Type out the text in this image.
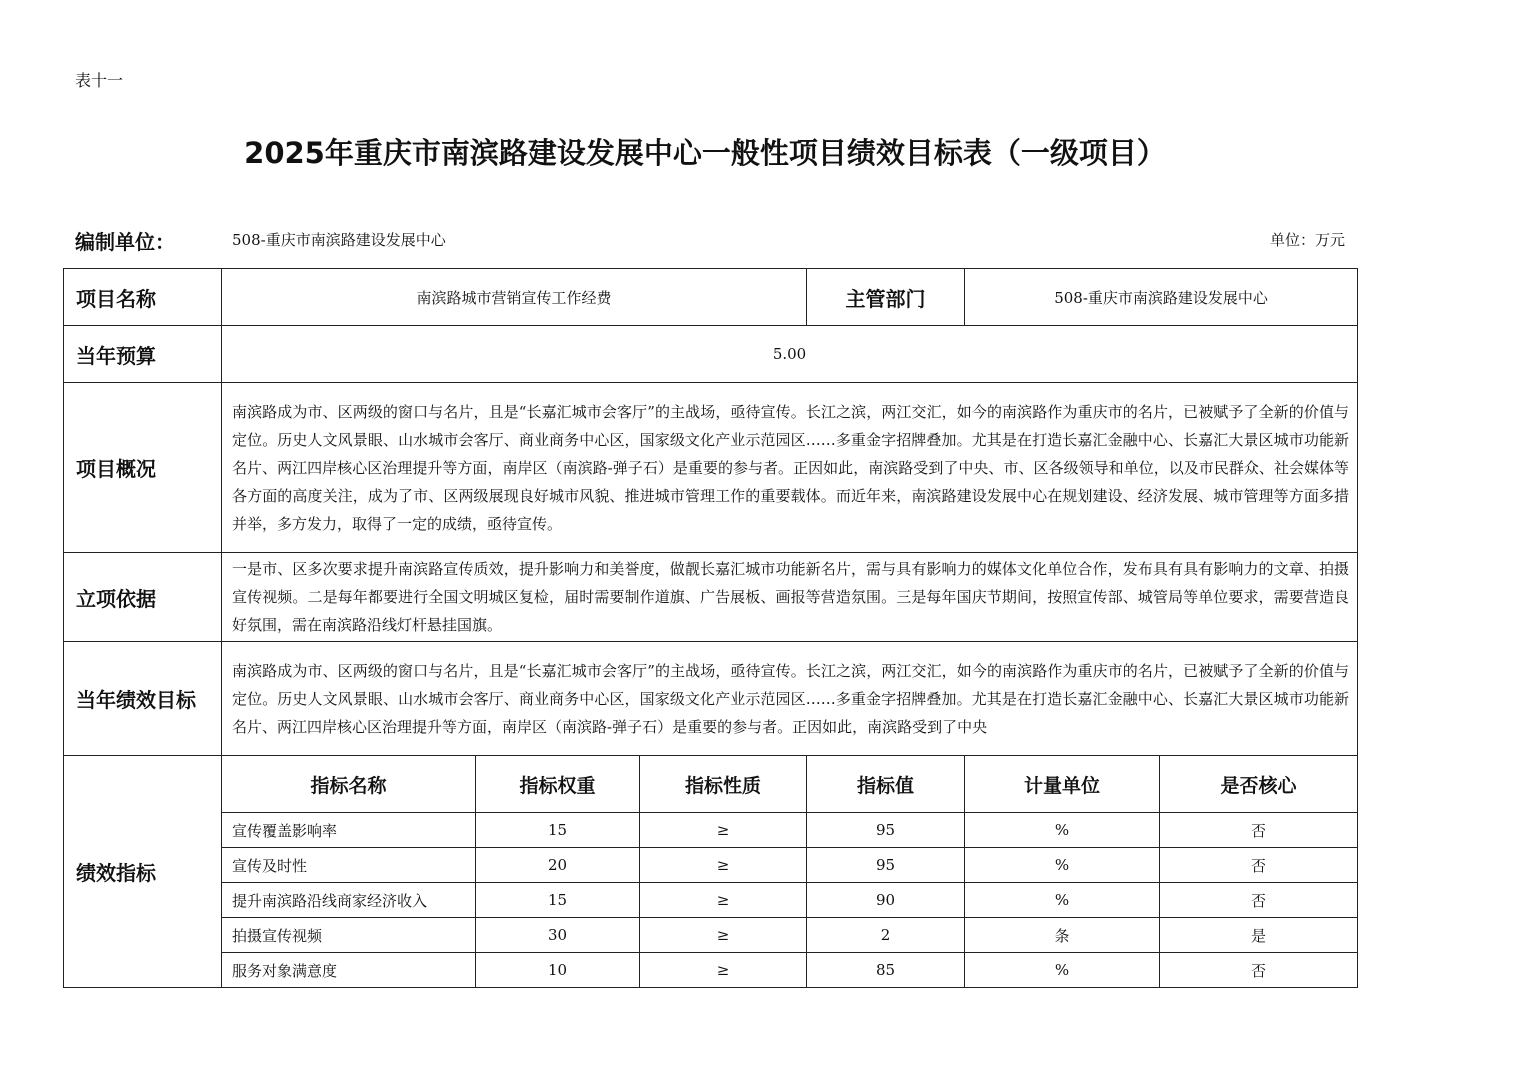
表十一
2025年重庆市南滨路建设发展中心一般性项目绩效目标表（一级项目）
编制单位：	508-重庆市南滨路建设发展中心	单位：万元
项目名称	南滨路城市营销宣传工作经费			主管部门	508-重庆市南滨路建设发展中心	
当年预算	5.00					
项目概况	南滨路成为市、区两级的窗口与名片，且是“长嘉汇城市会客厅”的主战场，亟待宣传。长江之滨，两江交汇，如今的南滨路作为重庆市的名片，已被赋予了全新的价值与定位。历史人文风景眼、山水城市会客厅、商业商务中心区，国家级文化产业示范园区……多重金字招牌叠加。尤其是在打造长嘉汇金融中心、长嘉汇大景区城市功能新名片、两江四岸核心区治理提升等方面，南岸区（南滨路-弹子石）是重要的参与者。正因如此，南滨路受到了中央、市、区各级领导和单位，以及市民群众、社会媒体等各方面的高度关注，成为了市、区两级展现良好城市风貌、推进城市管理工作的重要载体。而近年来，南滨路建设发展中心在规划建设、经济发展、城市管理等方面多措并举，多方发力，取得了一定的成绩，亟待宣传。					
立项依据	一是市、区多次要求提升南滨路宣传质效，提升影响力和美誉度，做靓长嘉汇城市功能新名片，需与具有影响力的媒体文化单位合作，发布具有具有影响力的文章、拍摄宣传视频。二是每年都要进行全国文明城区复检，届时需要制作道旗、广告展板、画报等营造氛围。三是每年国庆节期间，按照宣传部、城管局等单位要求，需要营造良好氛围，需在南滨路沿线灯杆悬挂国旗。					
当年绩效目标	南滨路成为市、区两级的窗口与名片，且是“长嘉汇城市会客厅”的主战场，亟待宣传。长江之滨，两江交汇，如今的南滨路作为重庆市的名片，已被赋予了全新的价值与定位。历史人文风景眼、山水城市会客厅、商业商务中心区，国家级文化产业示范园区……多重金字招牌叠加。尤其是在打造长嘉汇金融中心、长嘉汇大景区城市功能新名片、两江四岸核心区治理提升等方面，南岸区（南滨路-弹子石）是重要的参与者。正因如此，南滨路受到了中央					
绩效指标	指标名称	指标权重	指标性质	指标值	计量单位	是否核心
	宣传覆盖影响率	15	≥	95	%	否
	宣传及时性	20	≥	95	%	否
	提升南滨路沿线商家经济收入	15	≥	90	%	否
	拍摄宣传视频	30	≥	2	条	是
	服务对象满意度	10	≥	85	%	否
